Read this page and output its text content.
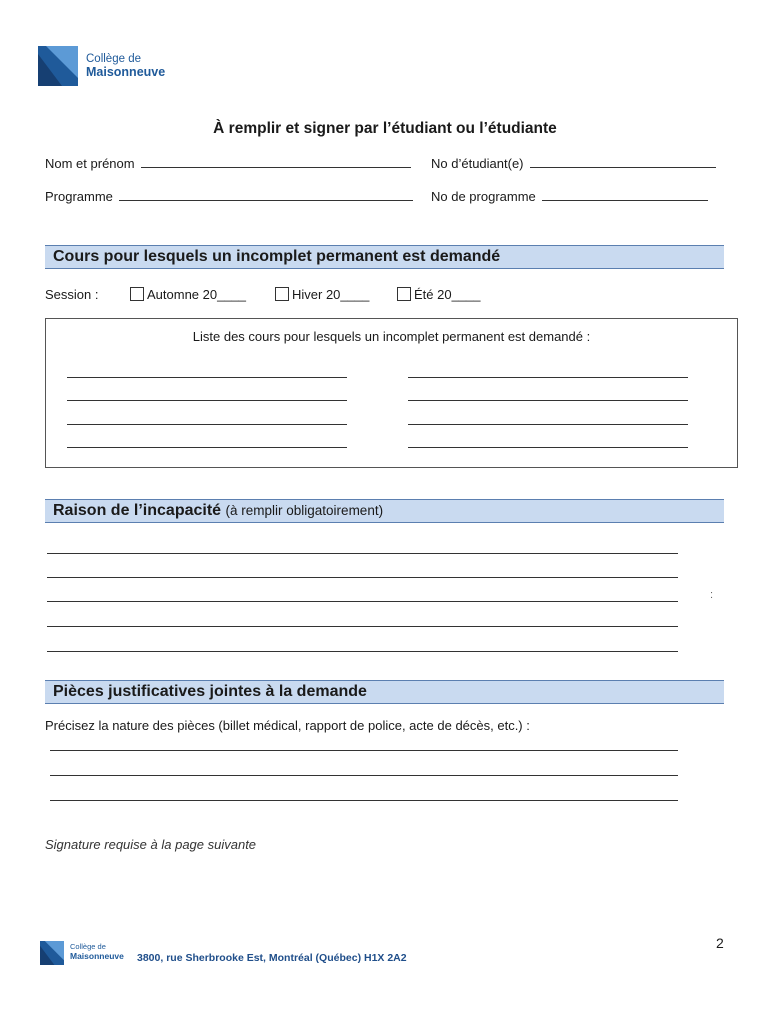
Collège de
Maisonneuve
À remplir et signer par l’étudiant ou l’étudiante
Nom et prénom	No d’étudiant(e)
Programme	No de programme
Cours pour lesquels un incomplet permanent est demandé
Session :	Automne 20____	Hiver 20____	Été 20____
Liste des cours pour lesquels un incomplet permanent est demandé :
Raison de l’incapacité (à remplir obligatoirement)
:
Pièces justificatives jointes à la demande
Précisez la nature des pièces (billet médical, rapport de police, acte de décès, etc.) :
Signature requise à la page suivante
Collège de
Maisonneuve 3800, rue Sherbrooke Est, Montréal (Québec) H1X 2A2
2
